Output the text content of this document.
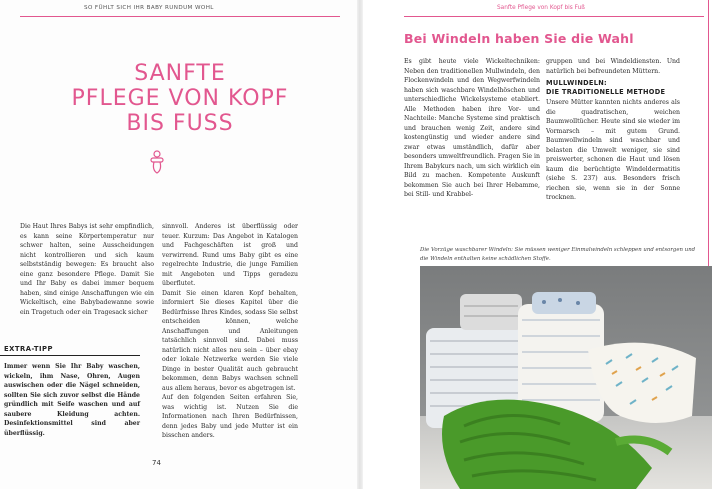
SO FÜHLT SICH IHR BABY RUNDUM WOHL
SANFTE
PFLEGE VON KOPF
BIS FUSS

Die Haut Ihres Babys ist sehr empfindlich, es kann seine Körpertemperatur nur schwer halten, seine Ausscheidungen nicht kontrollieren und sich kaum selbstständig bewegen: Es braucht also eine ganz besondere Pflege. Damit Sie und Ihr Baby es dabei immer bequem haben, sind einige Anschaffungen wie ein Wickeltisch, eine Babybadewanne sowie ein Tragetuch oder ein Tragesack sicher

EXTRA-TIPP

Immer wenn Sie Ihr Baby waschen, wickeln, ihm Nase, Ohren, Augen auswischen oder die Nägel schneiden, sollten Sie sich zuvor selbst die Hände gründlich mit Seife waschen und auf saubere Kleidung achten. Desinfektionsmittel sind aber überflüssig.

sinnvoll. Anderes ist überflüssig oder teuer. Kurzum: Das Angebot in Katalogen und Fachgeschäften ist groß und verwirrend. Rund ums Baby gibt es eine regelrechte Industrie, die junge Familien mit Angeboten und Tipps geradezu überflutet.

Damit Sie einen klaren Kopf behalten, informiert Sie dieses Kapitel über die Bedürfnisse Ihres Kindes, sodass Sie selbst entscheiden können, welche Anschaffungen und Anleitungen tatsächlich sinnvoll sind. Dabei muss natürlich nicht alles neu sein – über ebay oder lokale Netzwerke werden Sie viele Dinge in bester Qualität auch gebraucht bekommen, denn Babys wachsen schnell aus allem heraus, bevor es abgetragen ist.

Auf den folgenden Seiten erfahren Sie, was wichtig ist. Nutzen Sie die Informationen nach Ihren Bedürfnissen, denn jedes Baby und jede Mutter ist ein bisschen anders.

74
Sanfte Pflege von Kopf bis Fuß
Bei Windeln haben Sie die Wahl

Es gibt heute viele Wickeltechniken: Neben den traditionellen Mullwindeln, den Flockenwindeln und den Wegwerfwindeln haben sich waschbare Windelhöschen und unterschiedliche Wickelsysteme etabliert. Alle Methoden haben ihre Vor- und Nachteile: Manche Systeme sind praktisch und brauchen wenig Zeit, andere sind kostengünstig und wieder andere sind zwar etwas umständlich, dafür aber besonders umweltfreundlich. Fragen Sie in Ihrem Babykurs nach, um sich wirklich ein Bild zu machen. Kompetente Auskunft bekommen Sie auch bei Ihrer Hebamme, bei Still- und Krabbel-

gruppen und bei Windeldiensten. Und natürlich bei befreundeten Müttern.

MULLWINDELN:
DIE TRADITIONELLE METHODE

Unsere Mütter kannten nichts anderes als die quadratischen, weichen Baumwolltücher. Heute sind sie wieder im Vormarsch – mit gutem Grund. Baumwollwindeln sind waschbar und belasten die Umwelt weniger, sie sind preiswerter, schonen die Haut und lösen kaum die berüchtigte Windeldermatitis (siehe S. 237) aus. Besonders frisch riechen sie, wenn sie in der Sonne trocknen.

Die Vorzüge waschbarer Windeln: Sie müssen weniger Einmalwindeln schleppen und entsorgen und die Windeln enthalten keine schädlichen Stoffe.
